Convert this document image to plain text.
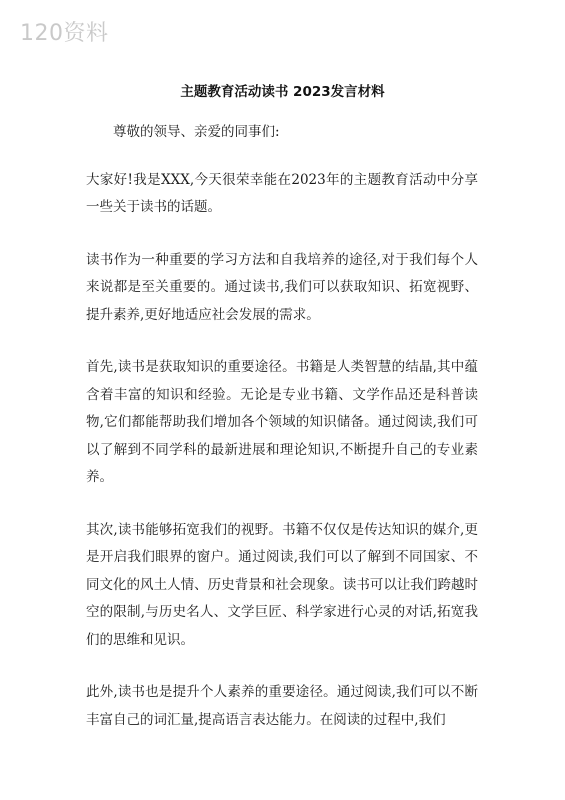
120资料
主题教育活动读书 2023发言材料

尊敬的领导、亲爱的同事们:

大家好!我是XXX,今天很荣幸能在2023年的主题教育活动中分享一些关于读书的话题。

读书作为一种重要的学习方法和自我培养的途径,对于我们每个人来说都是至关重要的。通过读书,我们可以获取知识、拓宽视野、提升素养,更好地适应社会发展的需求。

首先,读书是获取知识的重要途径。书籍是人类智慧的结晶,其中蕴含着丰富的知识和经验。无论是专业书籍、文学作品还是科普读物,它们都能帮助我们增加各个领域的知识储备。通过阅读,我们可以了解到不同学科的最新进展和理论知识,不断提升自己的专业素养。

其次,读书能够拓宽我们的视野。书籍不仅仅是传达知识的媒介,更是开启我们眼界的窗户。通过阅读,我们可以了解到不同国家、不同文化的风土人情、历史背景和社会现象。读书可以让我们跨越时空的限制,与历史名人、文学巨匠、科学家进行心灵的对话,拓宽我们的思维和见识。

此外,读书也是提升个人素养的重要途径。通过阅读,我们可以不断丰富自己的词汇量,提高语言表达能力。在阅读的过程中,我们
